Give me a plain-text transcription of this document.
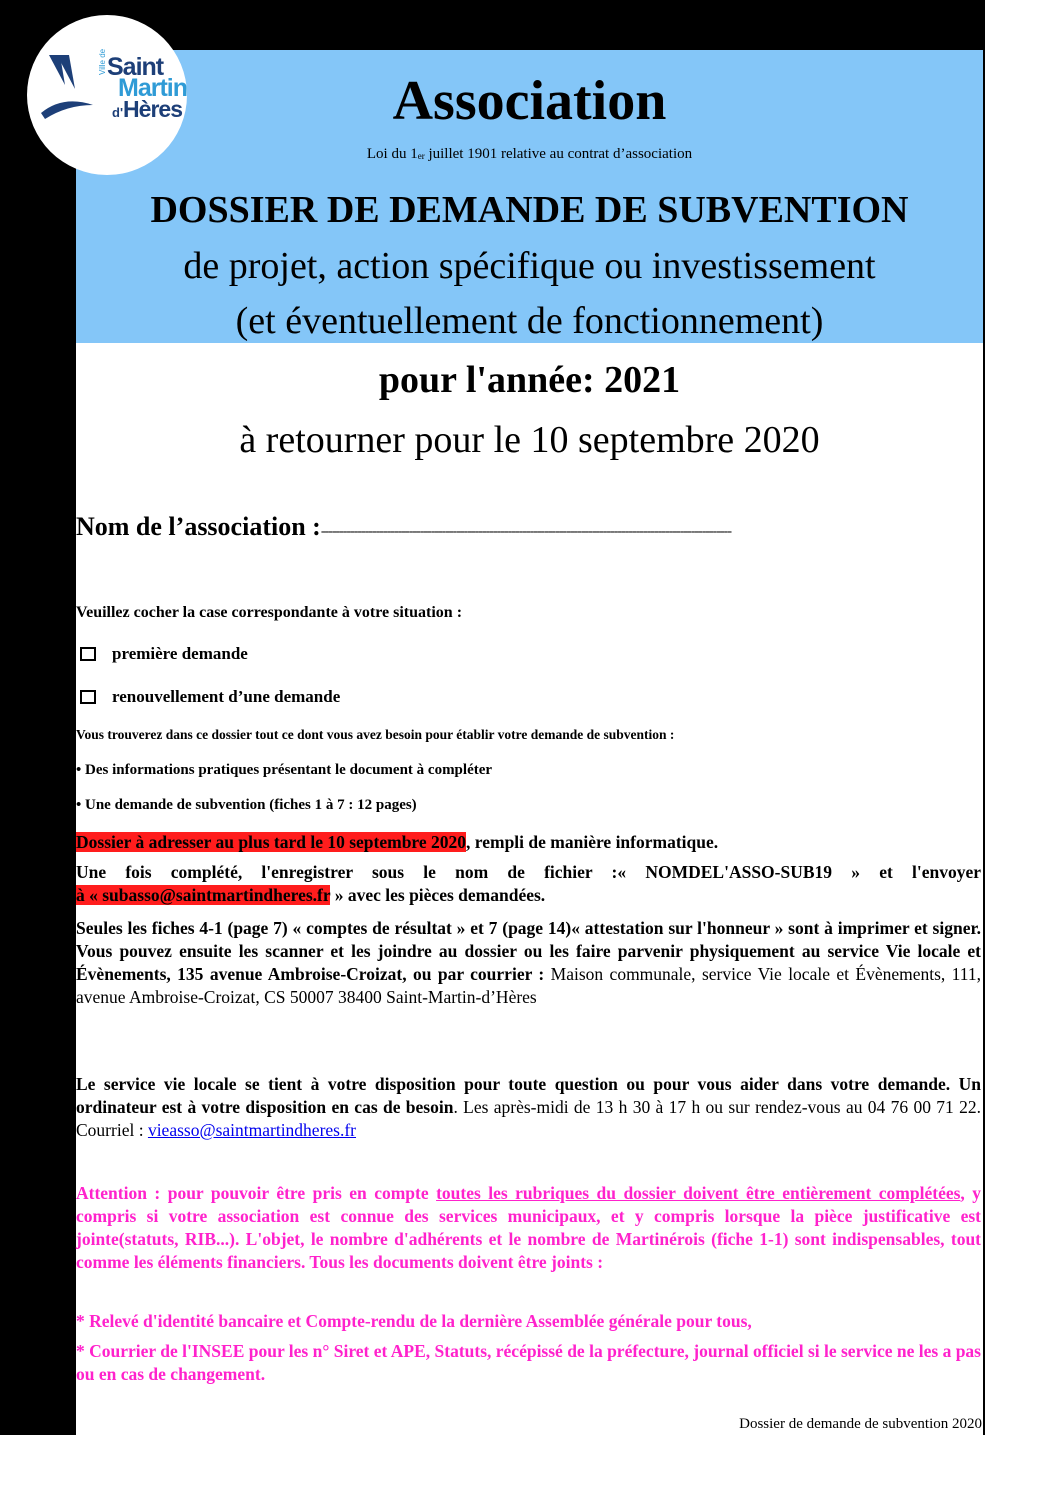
Ville de Saint
Martin
d'Hères	Association
Loi du $1_{er}$ juillet 1901 relative au contrat d’association
DOSSIER DE DEMANDE DE SUBVENTION
de projet, action spécifique ou investissement
(et éventuellement de fonctionnement)
pour l'année: 2021
à retourner pour le 10 septembre 2020
Nom de l’association :----------------------------------------------------------------------------------------------------------------
Veuillez cocher la case correspondante à votre situation :
première demande
renouvellement d’une demande
Vous trouverez dans ce dossier tout ce dont vous avez besoin pour établir votre demande de subvention :
• Des informations pratiques présentant le document à compléter
• Une demande de subvention (fiches 1 à 7 : 12 pages)
Dossier à adresser au plus tard le 10 septembre 2020, rempli de manière informatique.
Une fois complété, l'enregistrer sous le nom de fichier :« NOMDEL'ASSO-SUB19 » et l'envoyer
à « subasso@saintmartindheres.fr » avec les pièces demandées.
Seules les fiches 4-1 (page 7) « comptes de résultat » et 7 (page 14)« attestation sur l'honneur » sont à imprimer et signer. Vous pouvez ensuite les scanner et les joindre au dossier ou les faire parvenir physiquement au service Vie locale et Évènements, 135 avenue Ambroise-Croizat, ou par courrier : Maison communale, service Vie locale et Évènements, 111, avenue Ambroise-Croizat, CS 50007 38400 Saint-Martin-d’Hères
Le service vie locale se tient à votre disposition pour toute question ou pour vous aider dans votre demande. Un ordinateur est à votre disposition en cas de besoin. Les après-midi de 13 h 30 à 17 h ou sur rendez-vous au 04 76 00 71 22. Courriel : vieasso@saintmartindheres.fr
Attention : pour pouvoir être pris en compte toutes les rubriques du dossier doivent être entièrement complétées, y compris si votre association est connue des services municipaux, et y compris lorsque la pièce justificative est jointe(statuts, RIB...). L'objet, le nombre d'adhérents et le nombre de Martinérois (fiche 1-1) sont indispensables, tout comme les éléments financiers. Tous les documents doivent être joints :
* Relevé d'identité bancaire et Compte-rendu de la dernière Assemblée générale pour tous,
* Courrier de l'INSEE pour les n° Siret et APE, Statuts, récépissé de la préfecture, journal officiel si le service ne les a pas ou en cas de changement.
Dossier de demande de subvention 2020
